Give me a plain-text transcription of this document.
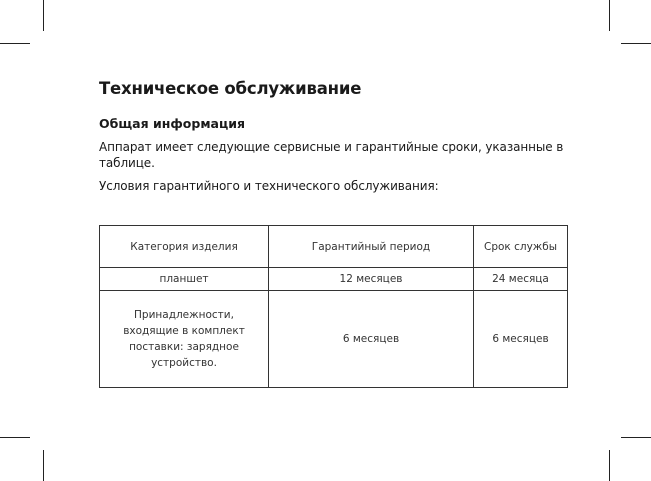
Техническое обслуживание
Общая информация
Аппарат имеет следующие сервисные и гарантийные сроки, указанные в таблице.
Условия гарантийного и технического обслуживания:
Категория изделия	Гарантийный период	Срок службы
планшет	12 месяцев	24 месяца
Принадлежности, входящие в комплект поставки: зарядное устройство.	6 месяцев	6 месяцев
